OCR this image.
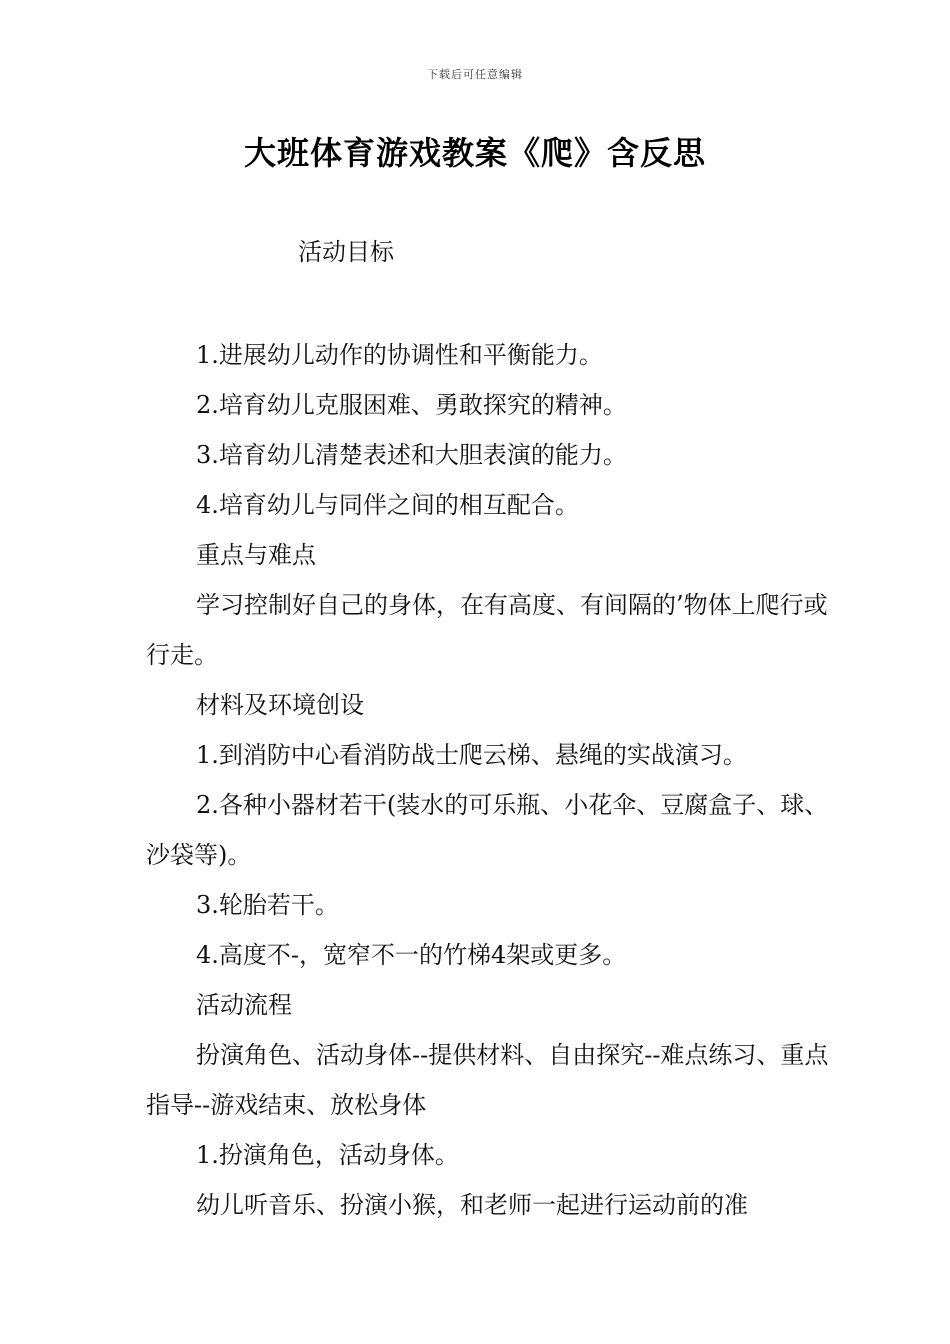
下载后可任意编辑
大班体育游戏教案《爬》含反思
活动目标

1.进展幼儿动作的协调性和平衡能力。

2.培育幼儿克服困难、勇敢探究的精神。

3.培育幼儿清楚表述和大胆表演的能力。

4.培育幼儿与同伴之间的相互配合。

重点与难点

学习控制好自己的身体，在有高度、有间隔的’物体上爬行或行走。

材料及环境创设

1.到消防中心看消防战士爬云梯、悬绳的实战演习。

2.各种小器材若干(装水的可乐瓶、小花伞、豆腐盒子、球、沙袋等)。

3.轮胎若干。

4.高度不-，宽窄不一的竹梯4架或更多。

活动流程

扮演角色、活动身体--提供材料、自由探究--难点练习、重点指导--游戏结束、放松身体

1.扮演角色，活动身体。

幼儿听音乐、扮演小猴，和老师一起进行运动前的准
